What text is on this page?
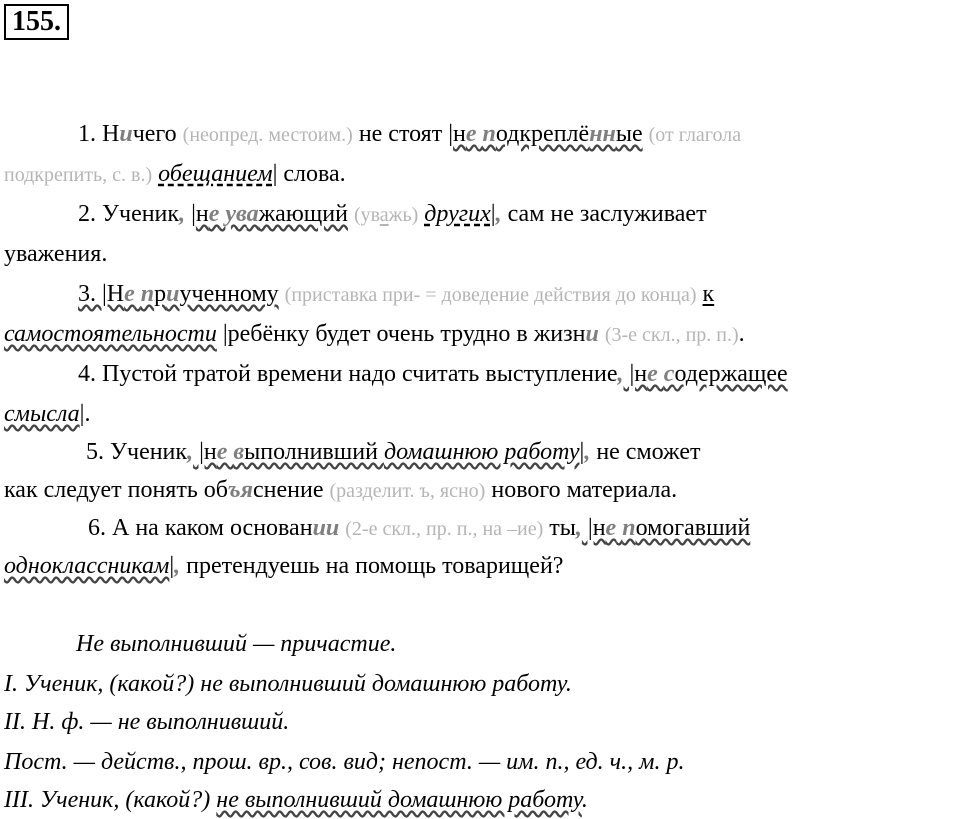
155.
1. Ничего (неопред. местоим.) не стоят |не подкреплённые (от глагола
подкрепить, с. в.) обещанием| слова.
2. Ученик, |не уважающий (уважь) других|, сам не заслуживает
уважения.
3. |Не приученному (приставка при- = доведение действия до конца) к
самостоятельности |ребёнку будет очень трудно в жизни (3-е скл., пр. п.).
4. Пустой тратой времени надо считать выступление, |не содержащее
смысла|.
5. Ученик, |не выполнивший домашнюю работу|, не сможет
как следует понять объяснение (разделит. ъ, ясно) нового материала.
6. А на каком основании (2-е скл., пр. п., на –ие) ты, |не помогавший
одноклассникам|, претендуешь на помощь товарищей?
Не выполнивший — причастие.
I. Ученик, (какой?) не выполнивший домашнюю работу.
II. Н. ф. — не выполнивший.
Пост. — действ., прош. вр., сов. вид; непост. — им. п., ед. ч., м. р.
III. Ученик, (какой?) не выполнивший домашнюю работу.
